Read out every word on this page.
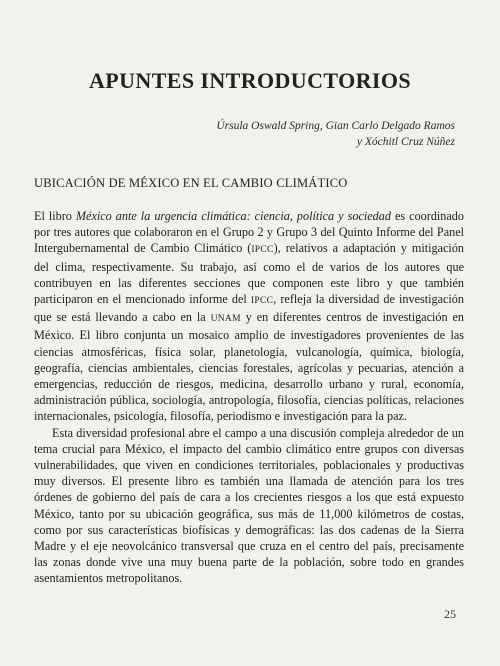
APUNTES INTRODUCTORIOS
Úrsula Oswald Spring, Gian Carlo Delgado Ramos
y Xóchitl Cruz Núñez
UBICACIÓN DE MÉXICO EN EL CAMBIO CLIMÁTICO

El libro México ante la urgencia climática: ciencia, política y sociedad es coordinado por tres autores que colaboraron en el Grupo 2 y Grupo 3 del Quinto Informe del Panel Intergubernamental de Cambio Climático (IPCC), relativos a adaptación y mitigación del clima, respectivamente. Su trabajo, así como el de varios de los autores que contribuyen en las diferentes secciones que componen este libro y que también participaron en el mencionado informe del IPCC, refleja la diversidad de investigación que se está llevando a cabo en la UNAM y en diferentes centros de investigación en México. El libro conjunta un mosaico amplio de investigadores provenientes de las ciencias atmosféricas, física solar, planetología, vulcanología, química, biología, geografía, ciencias ambientales, ciencias forestales, agrícolas y pecuarias, atención a emergencias, reducción de riesgos, medicina, desarrollo urbano y rural, economía, administración pública, sociología, antropología, filosofía, ciencias políticas, relaciones internacionales, psicología, filosofía, periodismo e investigación para la paz.

Esta diversidad profesional abre el campo a una discusión compleja alrededor de un tema crucial para México, el impacto del cambio climático entre grupos con diversas vulnerabilidades, que viven en condiciones territoriales, poblacionales y productivas muy diversos. El presente libro es también una llamada de atención para los tres órdenes de gobierno del país de cara a los crecientes riesgos a los que está expuesto México, tanto por su ubicación geográfica, sus más de 11,000 kilómetros de costas, como por sus características biofísicas y demográficas: las dos cadenas de la Sierra Madre y el eje neovolcánico transversal que cruza en el centro del país, precisamente las zonas donde vive una muy buena parte de la población, sobre todo en grandes asentamientos metropolitanos.

25
